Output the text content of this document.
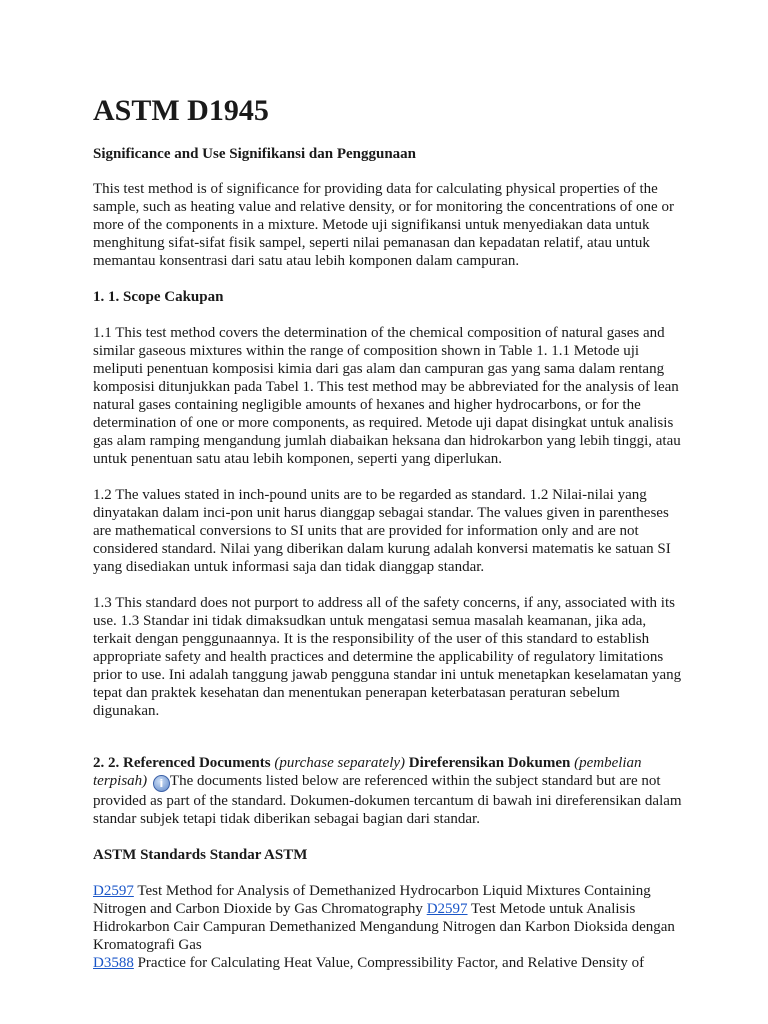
ASTM D1945

Significance and Use Signifikansi dan Penggunaan

This test method is of significance for providing data for calculating physical properties of the sample, such as heating value and relative density, or for monitoring the concentrations of one or more of the components in a mixture. Metode uji signifikansi untuk menyediakan data untuk menghitung sifat-sifat fisik sampel, seperti nilai pemanasan dan kepadatan relatif, atau untuk memantau konsentrasi dari satu atau lebih komponen dalam campuran.

1. 1. Scope Cakupan

1.1 This test method covers the determination of the chemical composition of natural gases and similar gaseous mixtures within the range of composition shown in Table 1. 1.1 Metode uji meliputi penentuan komposisi kimia dari gas alam dan campuran gas yang sama dalam rentang komposisi ditunjukkan pada Tabel 1. This test method may be abbreviated for the analysis of lean natural gases containing negligible amounts of hexanes and higher hydrocarbons, or for the determination of one or more components, as required. Metode uji dapat disingkat untuk analisis gas alam ramping mengandung jumlah diabaikan heksana dan hidrokarbon yang lebih tinggi, atau untuk penentuan satu atau lebih komponen, seperti yang diperlukan.

1.2 The values stated in inch-pound units are to be regarded as standard. 1.2 Nilai-nilai yang dinyatakan dalam inci-pon unit harus dianggap sebagai standar. The values given in parentheses are mathematical conversions to SI units that are provided for information only and are not considered standard. Nilai yang diberikan dalam kurung adalah konversi matematis ke satuan SI yang disediakan untuk informasi saja dan tidak dianggap standar.

1.3 This standard does not purport to address all of the safety concerns, if any, associated with its use. 1.3 Standar ini tidak dimaksudkan untuk mengatasi semua masalah keamanan, jika ada, terkait dengan penggunaannya. It is the responsibility of the user of this standard to establish appropriate safety and health practices and determine the applicability of regulatory limitations prior to use. Ini adalah tanggung jawab pengguna standar ini untuk menetapkan keselamatan yang tepat dan praktek kesehatan dan menentukan penerapan keterbatasan peraturan sebelum digunakan.

2. 2. Referenced Documents (purchase separately) Direferensikan Dokumen (pembelian terpisah) i The documents listed below are referenced within the subject standard but are not provided as part of the standard. Dokumen-dokumen tercantum di bawah ini direferensikan dalam standar subjek tetapi tidak diberikan sebagai bagian dari standar.

ASTM Standards Standar ASTM

D2597 Test Method for Analysis of Demethanized Hydrocarbon Liquid Mixtures Containing Nitrogen and Carbon Dioxide by Gas Chromatography D2597 Test Metode untuk Analisis Hidrokarbon Cair Campuran Demethanized Mengandung Nitrogen dan Karbon Dioksida dengan Kromatografi Gas

D3588 Practice for Calculating Heat Value, Compressibility Factor, and Relative Density of
